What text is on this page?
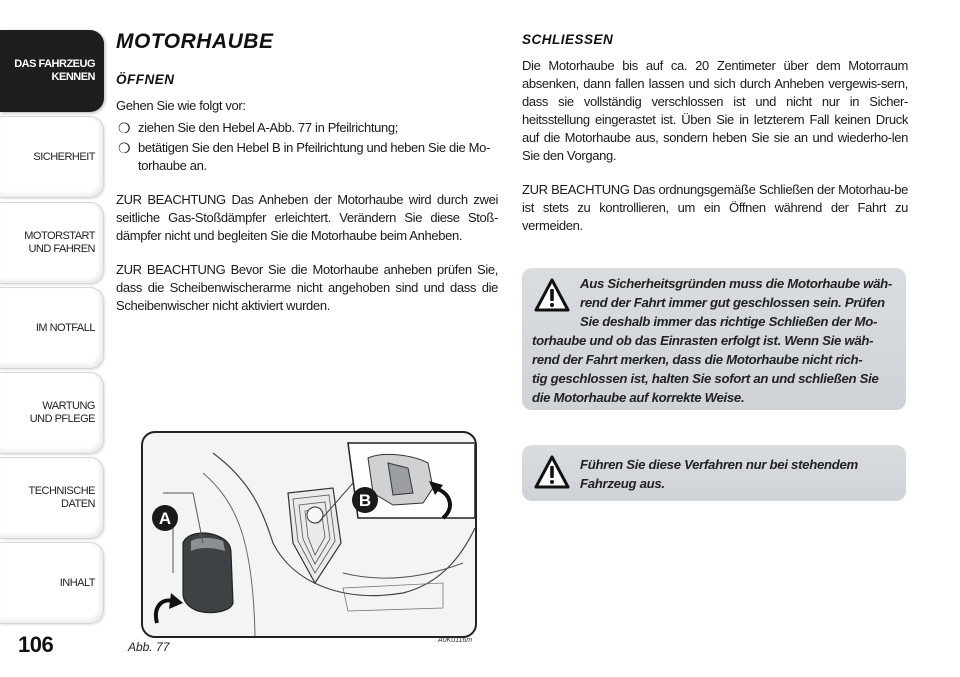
DAS FAHRZEUG
KENNEN
SICHERHEIT
MOTORSTART
UND FAHREN
IM NOTFALL
WARTUNG
UND PFLEGE
TECHNISCHE
DATEN
INHALT
106
MOTORHAUBE
ÖFFNEN

Gehen Sie wie folgt vor:

❍ ziehen Sie den Hebel A-Abb. 77 in Pfeilrichtung;
❍ betätigen Sie den Hebel B in Pfeilrichtung und heben Sie die Mo-torhaube an.

ZUR BEACHTUNG Das Anheben der Motorhaube wird durch zwei seitliche Gas-Stoßdämpfer erleichtert. Verändern Sie diese Stoß-dämpfer nicht und begleiten Sie die Motorhaube beim Anheben.

ZUR BEACHTUNG Bevor Sie die Motorhaube anheben prüfen Sie, dass die Scheibenwischerarme nicht angehoben sind und dass die Scheibenwischer nicht aktiviert wurden.

SCHLIESSEN

Die Motorhaube bis auf ca. 20 Zentimeter über dem Motorraum absenken, dann fallen lassen und sich durch Anheben vergewis-sern, dass sie vollständig verschlossen ist und nicht nur in Sicher-heitsstellung eingerastet ist. Üben Sie in letzterem Fall keinen Druck auf die Motorhaube aus, sondern heben Sie sie an und wiederho-len Sie den Vorgang.

ZUR BEACHTUNG Das ordnungsgemäße Schließen der Motorhau-be ist stets zu kontrollieren, um ein Öffnen während der Fahrt zu vermeiden.

Aus Sicherheitsgründen muss die Motorhaube wäh-
rend der Fahrt immer gut geschlossen sein. Prüfen
Sie deshalb immer das richtige Schließen der Mo-
torhaube und ob das Einrasten erfolgt ist. Wenn Sie wäh-
rend der Fahrt merken, dass die Motorhaube nicht rich-
tig geschlossen ist, halten Sie sofort an und schließen Sie
die Motorhaube auf korrekte Weise.
Führen Sie diese Verfahren nur bei stehendem Fahrzeug aus.
A
B
Abb. 77	A0K0116m
